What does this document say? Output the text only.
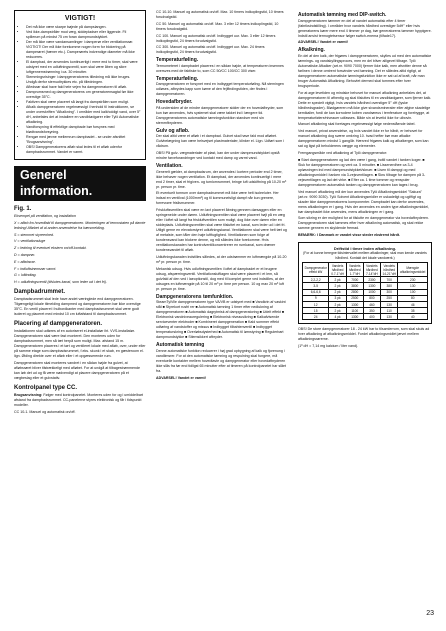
VIGTIGT!
• Det må ikke være skarpe bøjede på dampslangen.
• Ved ikke-dampstråler mod væg, siddepladser eller liggende. Fil spillerum på mindst 75 cm foran dampmundstykket.
• Der må ikke være vandansamlinger i damperør eller ventilationsrør. VIGTIGT! Der må ikke forekomme nogen form for blokering på damperøret (hæner etc.). Damperørets indvendige diameter må ikke reduceres.
• El dampbad, der anvendes kontinuerligt i mere end to timer, skal være udstyret med en udluftningsventil, som skal være åben og sikre luftgennemstrømning i ca. 30 minutter.
• Stemmingsrisinger i dampgeneratorens tilledning må ikke bruges. Undgå derfor stemudtrykkes etc. på tilledningen.
• Afledsrør skal have fald hele vejen fra damgeneratoren til afløb.
• Damprumsmed og damgeneratorens om generatorensagtal før ikke overstige 35°C.
• Faktiven skal være placeret så langt fra dampstrålen som muligt.
• Afkalk dampgeneratoren regelmæssigt i henhold til instruktionen, se under overskriften "Afkalkning". I områder med kalkholdigt vand, over 5° dH, anbefales det at installere en vandblødgører eller Tylö Automatiske afkalkning.
• Vandforsyning til effektlige dampbade bør forsynes med blødtvandsforsyning.
• Rengør med jævne mellemrum dampbadet - se under afsnittet "Brugsanvisning".
• OBS! Dampgeneratorens afløb skal ledes til et afløb udenfor dampbadsrummet. Vandet er varmt.
Generel information.
Fig. 1.

Eksempel på ventilation, og installation

X = afløb fra hovedfald til dampgeneratoren. Monteringen af termostaten på dømte ledning! Afløbet af al anden anvendelse fra kærsmelding.

S = stemmet styreenhed.

V = ventilationsluge

Z = ledning til eventuel ekstern on/off-kontakt.

D = damprør.

E = afløbsrør.

F = indluftstrømsrør varmt.

G = luftindtag.

H = udluftningsventil (tilslutes kanal, som leder ud i det fri).

Dampbadrummet.

Dampbadsrummet skal lede have andet væringlede end dampgeneratoren. Tilgængeligt lokale tilmelding dampmed og dampgeneratoren bør ikke overstige 35°C. En ventil placeret i hulbordkanter med dampbadsrummet skal være godt isoleret og placeret med mindst 10 cm luftafstand til dampbadsrummet.

Placering af dampgeneratoren.

Installationen skal udføres af en autoriseret el-installatør iht. VVS-installatør. Dampgeneratoren skal være fast monteret. Den monteres uden for dampbadsrummet, men så tæt herpå som muligt. Max. afstand 15 m. Dampgeneratoren placeres i et tørt og ventileret lokale med afløb, over, under eller på samme etage som dampbadsrummet, f.eks. skunk i et skab, en gæsteroom el. lign. Ølding direkte over et afløb eller i et opgæsserende rum.

Dampgeneratoren skal monteres vandret i en sådan højde fra gulvet, at afløbsrøret bliver tilstrækkeligt med afløbet. For at undgå at tilbagestrømmende kan løb det ud og få være nødvendigt at placere dampgeneratoren på et vægbeslag eller et gulvstativ.

Kontrolpanel type CC.

Brugsanvisning: Følger med kontrolpanelet. Monteres uden for og i umiddelbart afstand fra dampbadsrummet. CC-panelerne styres elektronisk og får i tidspunkt modeller.

CC 10-1. Manuel og automatisk on/off.

CC 10-10. Manuel og automatisk on/off. Max. 10 timers indkoplingstid, 10 timers forudvalgstid.

CC 50. Manuel og automatisk on/off. Max. 3 eller 12 timers indkoplingstid, 10 timers forudvalgstid.

CC 100. Manuel og automatisk on/off. Indbygget uur. Max. 3 eller 12 timers indkoplingstid, 24 timers forudvalgstid.

CC 300. Manuel og automatisk on/off. Indbygget uur. Max. 24 timers indkoplingstid, 24 timers forudvalgstid.

Temperaturføling.

Termometeret i dampbadet placeres i en sådan højde, at temperaturen insennes oversves med de faktiske to, som CC 50/CC 100/CC 300 viser.

Temperaturføling.

Dampgeneratoren er forsynet med en indbygget temperaturføling. Nå stemingen udløses, afbrydes kapp som køme af den fejlfindingstiden, der findes i dampgeneratoren.

Hovedafbryder.

På undersiden af de mindre dampgeneratorer sidder der en hovedafbryder, som kun bør anvendes, hvis systemet skal være takket ind i længere tid. Dampgeneratorens automatiske tømningsfunktion standser med sin stemmfbryderen.

Gulv og afløb.

Der skal altid være et afløb i et dampbad. Gulvet skal have fald mod afløbet. Gulvbelægning kan være helsvejset plastmaterialer, klinker el. Lign. Udført som i vådrum.

OBS! På gulv- vægmaterialer af plast, kan der under dampmundstykket opstå mindre farveforandringer ved kontakt med damp og varmt vand.

Ventilation.

Generelt gælder, at dampbadsrum, der anvendes i kortere perioder end 2 timer, ikke behøver nogen ventilation. Et dampbad, der anvendes kontinuerligt i mere end 2 timer, skal et frigiven- og tumlomrummet, bringe luft udskiftning på 10-20 m³ pr. person pr. time.

Et eventuelt tomrum over dampbadrummet må ikke være helt isoleeluter. Her indsat en ventilval (1000mm²) og til kommunelsligt dampf når kun grenere, forrevrøre frislisrrummer.

Friskluftsventilen skal være en lavt placeret åbning gennem dørsaggen eller en springenelde under døren. Udluftningsventilen skal være placeret højt på en væg eller i loftet så langt fra friskluftventilen som muligt, dog ikke over døren eller en siddeplads. Udluftningsventilen skal være tilsluttet en kanal, som leder ud i det fri. Utilgti gerne en elevatorstyret udluftningskanal. Ventilationen skal være helt tæt og af metalste, som tåler den høje luftfugtighed. Ventilationen som folge af kondensvand kan blokere denne, og må således ikke forekomme. Hvis ventilationskanalen har kontrolventilkoncentrerer en rumkanal, som dræner kondensvandet til afløb.

Udluftningskanalen indstilles således, at der udstrømmer en luftmængde på 10-20 m³ pr. person pr. time.

Mekanisk udsug. Hvis udluftningsventilen i loftet af dampbadet er et brugere udsug, afspærringsventil. Ventilationsluftlagen skal være placeret i et lem, så gulvfald af den ved i laeoptionstil, dog med til komplet gerne ved indstilles, at der udsuges en luftmængde på 10 til 20 m³ pr. time per person. 10 og max 20 m³ luft pr. person pr. time.

Dampgeneratorens tømfunktion.

SteamTylVile dampgeneratoren type VA/VB er udstyret med ■ Vandkrin af vaskint stål ■ Styrekort rusfri rer ■ Automatisk tømning 1 timer efter nedlukning af dampgeneratoren ■ Automatisk dagrytmisk af dampgeneratoring ■ Udeit effekt ■ Elektronisk vandniveauregulering ■ Elektronisk niveausikring ■ Kalkafvisende serviceventer elektroder ■ Kombineret dampgeneration ■ Kald sommer effekt udføring af vandstoffer og missus ■ Indbygget tilbahtenventil ■ Indbygget temperaturskring ■ Overløbsdysterhed ■ Automatisk til lørnstyring ■ Regulerbart dampmundstykke ■ Stiemsikkert afbryder.

Automatisk tømning

Denne automatiske funktion reducerer i høj grad opbygning af kalk og fjorenung i vandlimsrer. For at den automatiske tømning og respulning skal fungere, må eventuelle kontakter mellem hovedtavle og dampgenerator eller hovedafbryderen ikke slås fra før end tidligst 65 minutter efter at timeren på kontrolpanelet har slået fra.

ADVARSEL! Vandet er varmt!

Automatisk tømning med DIP-switch.

Dampgeneratoren tømmer en del af vandet automatisk efter 4 timer (fabriksindstilling). I områder hvor vandets hårdhed overstiger 5dH° eller hvis generatorens kører mere end 4 timmer pr dag, bør generatorens tømmer hyppigere. Indstil anvist termogtetsensor følger switch-enema (tilfade17).

ADVARSEL! Vandet er varmt!

Afkalkning.

En del af den kalk, der frigøres i dampgeneratoren, skylles ud med den automatiske tømnings- og vandskyllingsproces, men en del bliver alligevel tilbage. Tylö Automatiske Afkalker (art.nr. 9090 7000) fjerner ikke kalk, men afsnitter denne så farlinen i denne omtrent forsvinder ved tømning. Det er således altid rigtigt, at dampgeneratoren automatiske tømningsfunktion ikke er sat ud af kraft, når man bruger Automatisk Afkalkning. Behovlet dermed skal tommes efter hver brugsperiode.

For at øge levetiden og mindske behovet for manuel afkalkning anbefales det, at dampgeneratoren til afhentig og skal tilsluttes til en vandblødgører, som fjerner kalk. Dette er specielt vigtigt, hvis vandets hårdhed overstiger 5° dH (tyske hårdhedsgrader). Blødgøreren må ikke give sivandsmineraler eller afgive skadelige kemikalier, fordi de kan korrodere koben vandrøreus i temferature og forebygge, at temperaturfølere/niveauer udfasses. Både sin at levetid ikke for ulbovin.

Manuel afkalkning skal foretages regelmæssigt følge nedenstående tabel.

Ved manuel, privat anvendelse, og hvis vandet ikke er for hårdt, er behovet for manuel afkalkning dog svære omkring 10. hvad hefter bør man afkalke dampgeneratoren mindst 1 gang/år. Hærved frigøres kalk og afkalkerger, som kan sat og ligst på beholderens vægge og elementer.

Fremgangsmåde ved afkalkning af Tylö dampgenerator:

■ Start dampgeneratoren og lad den være i gang, indtil vandet i tanken koger. ■ Sluk for dampgeneratoren og vent ca. 5 minutter. ■ Lissenerdhee ca 3-4 opløsningen ind med dampmundstykket/skruer. ■ Lisen til dampgi og med afkalkningsmiddel i tanken via 3-vejsventilagen. ■ Skru tilbage for dampen på 3-vejsventilagen og lad det virke. ■ Efter ca. 1 time tommer og renspuler dampgeneratoren automatisk tanken og dampgeneratoren kan tages i brug.

Ved manuel afkalkning må der kun anvendes Tylö Afkalkningsmiddel "Sakura" (art.nr. 9090 3030). Tylö Solvent Afkalkningsmidler er uskadeligt og ugiftigt og skader ikke dampgeneratorens komponenter. Dampbadet kan derfor anvendes, mens afkalkningen er i gang. Hvis der anvendes en anden type afkalkningsmiddel, bør dampbadet ikke anvendes, mens afkalkningen er i gang.

Som sikring er der mulighed for at tilslutte en dampgenerator via hovedafbryderen. Dampgeneratoren skal tømmes efter hver afkalkning automatisk, og skal rekke samme gennem en skyldende fremad.

BEMÆRK: I Danmark er vandet visse steder ekstremt hårdt.

Driftstid i timer inden afkalkning.
(For at kunne beregne tidsintervallet mellem afkalkninger, skal man kende vandets hårdhed. Kontakt det lokale vandværk.)
Dampgenerator effekt kW	Vandets hårdhed 0.7-1°dH	Vandets hårdhed 1-7°dH	Vandets hårdhed 7-14°dH	Vandets hårdhed 14-21°dH	Mængde afkalkningsmiddel
2,2-2,2	2 pk	7000	2300	700	230
3-5	2 pk	3800	1300	380	130
6,6-6,6	2 pk	2800	1000	300	100
9	3 pk	2500	800	250	80
12	2 pk	1300	460	130	46
15	2 pk	1100	350	110	35
24	4 pk	1300	400	130	40

OBS! De store dampgeneratorer 18 - 24 kW har to tilsamlerrom, som skal skuls ad hver afkalkning af afkalkningsmiddel. Fordel afkalkningsmidlet jævnt mellem afkalkningsrørerne.

(1º dH = 7,14 mg kalcium / liter vand).

23
